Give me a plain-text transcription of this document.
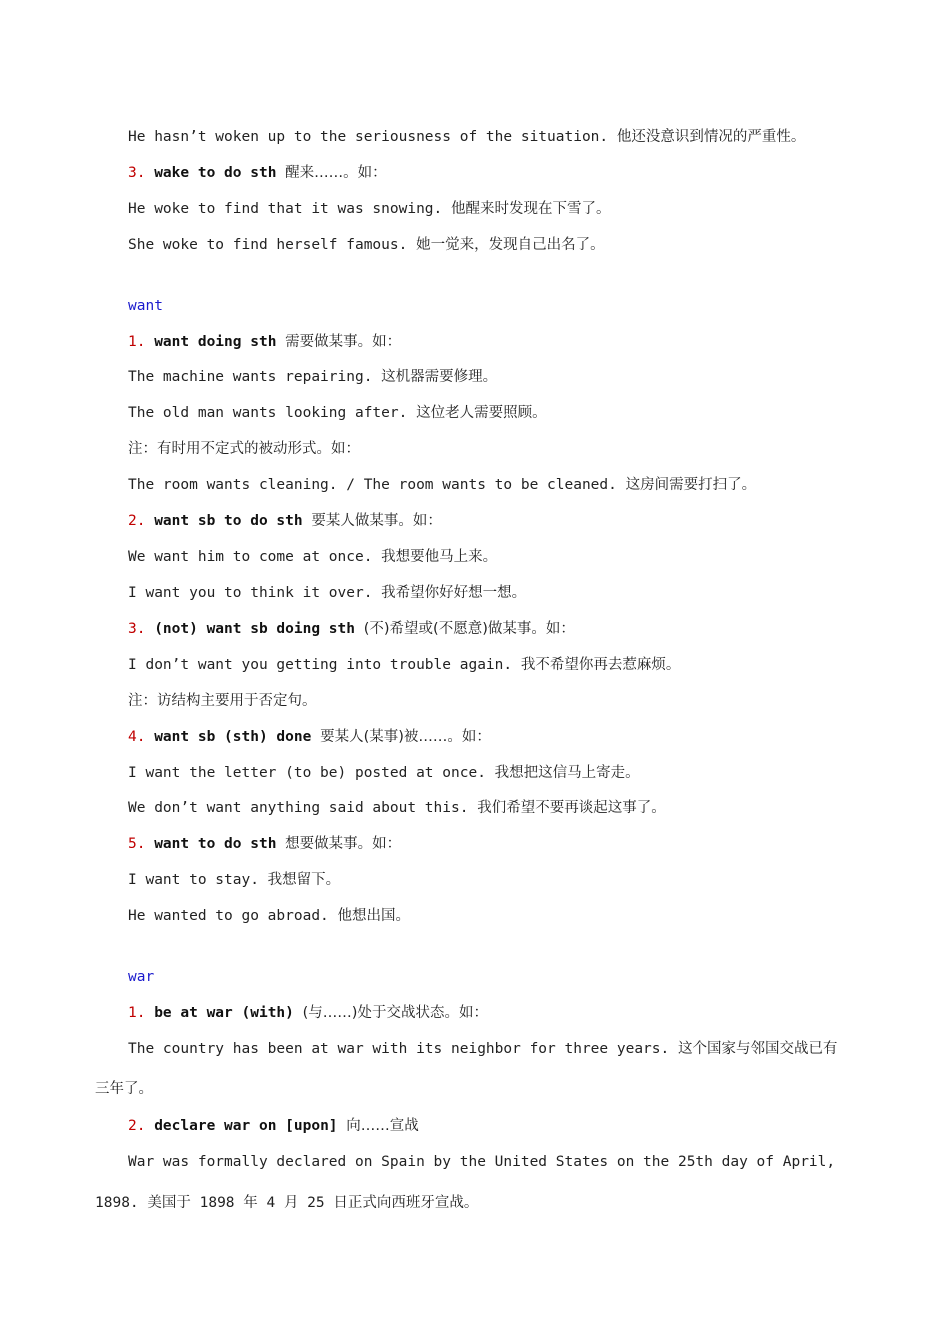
He hasn’t woken up to the seriousness of the situation. 他还没意识到情况的严重性。
3. wake to do sth 醒来……。如：
He woke to find that it was snowing. 他醒来时发现在下雪了。
She woke to find herself famous. 她一觉来，发现自己出名了。
want
1. want doing sth 需要做某事。如：
The machine wants repairing. 这机器需要修理。
The old man wants looking after. 这位老人需要照顾。
注：有时用不定式的被动形式。如：
The room wants cleaning. / The room wants to be cleaned. 这房间需要打扫了。
2. want sb to do sth 要某人做某事。如：
We want him to come at once. 我想要他马上来。
I want you to think it over. 我希望你好好想一想。
3. (not) want sb doing sth (不)希望或(不愿意)做某事。如：
I don’t want you getting into trouble again. 我不希望你再去惹麻烦。
注：访结构主要用于否定句。
4. want sb (sth) done 要某人(某事)被……。如：
I want the letter (to be) posted at once. 我想把这信马上寄走。
We don’t want anything said about this. 我们希望不要再谈起这事了。
5. want to do sth 想要做某事。如：
I want to stay. 我想留下。
He wanted to go abroad. 他想出国。
war
1. be at war (with) (与……)处于交战状态。如：
The country has been at war with its neighbor for three years. 这个国家与邻国交战已有
三年了。
2. declare war on [upon] 向……宣战
War was formally declared on Spain by the United States on the 25th day of April,
1898. 美国于 1898 年 4 月 25 日正式向西班牙宣战。
